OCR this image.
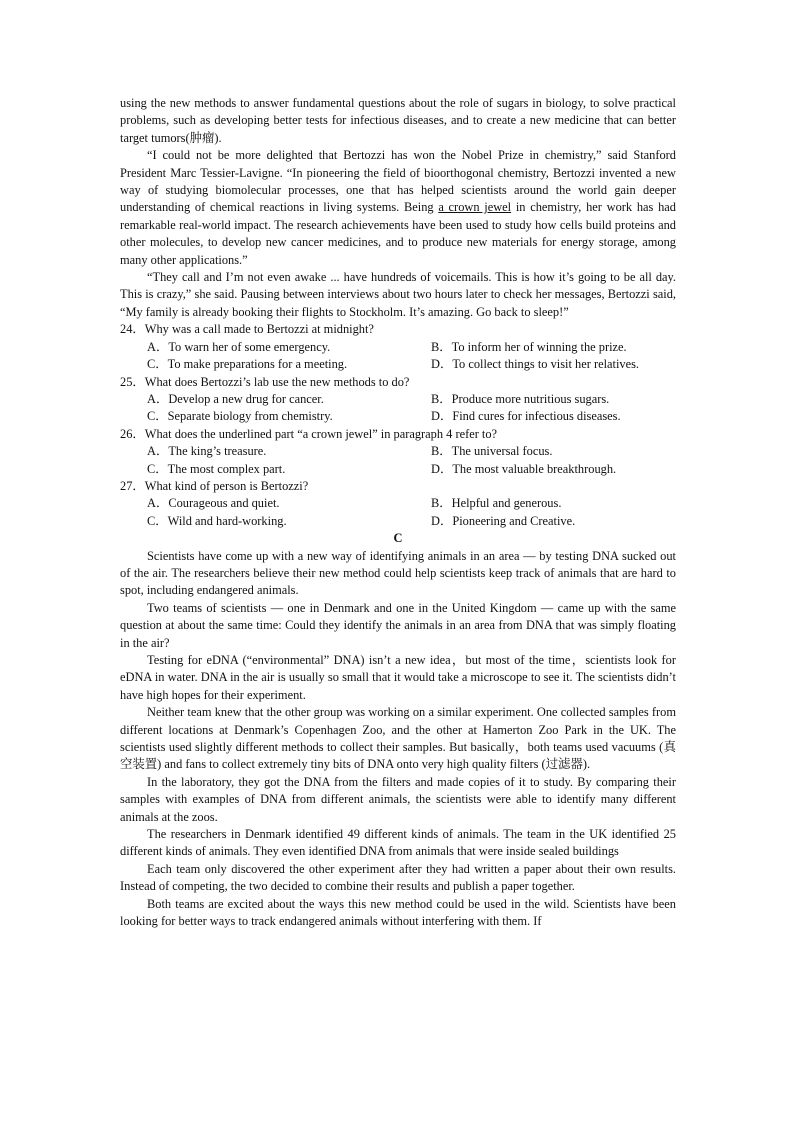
using the new methods to answer fundamental questions about the role of sugars in biology, to solve practical problems, such as developing better tests for infectious diseases, and to create a new medicine that can better target tumors(肿瘤).

“I could not be more delighted that Bertozzi has won the Nobel Prize in chemistry,” said Stanford President Marc Tessier-Lavigne. “In pioneering the field of bioorthogonal chemistry, Bertozzi invented a new way of studying biomolecular processes, one that has helped scientists around the world gain deeper understanding of chemical reactions in living systems. Being a crown jewel in chemistry, her work has had remarkable real-world impact. The research achievements have been used to study how cells build proteins and other molecules, to develop new cancer medicines, and to produce new materials for energy storage, among many other applications.”

“They call and I’m not even awake ... have hundreds of voicemails. This is how it’s going to be all day. This is crazy,” she said. Pausing between interviews about two hours later to check her messages, Bertozzi said, “My family is already booking their flights to Stockholm. It’s amazing. Go back to sleep!”

24．Why was a call made to Bertozzi at midnight?

A．To warn her of some emergency.	B．To inform her of winning the prize.
C．To make preparations for a meeting.	D．To collect things to visit her relatives.

25．What does Bertozzi’s lab use the new methods to do?

A．Develop a new drug for cancer.	B．Produce more nutritious sugars.
C．Separate biology from chemistry.	D．Find cures for infectious diseases.

26．What does the underlined part “a crown jewel” in paragraph 4 refer to?

A．The king’s treasure.	B．The universal focus.
C．The most complex part.	D．The most valuable breakthrough.

27．What kind of person is Bertozzi?

A．Courageous and quiet.	B．Helpful and generous.
C．Wild and hard-working.	D．Pioneering and Creative.

C

Scientists have come up with a new way of identifying animals in an area — by testing DNA sucked out of the air. The researchers believe their new method could help scientists keep track of animals that are hard to spot, including endangered animals.

Two teams of scientists — one in Denmark and one in the United Kingdom — came up with the same question at about the same time: Could they identify the animals in an area from DNA that was simply floating in the air?

Testing for eDNA (“environmental” DNA) isn’t a new idea，but most of the time，scientists look for eDNA in water. DNA in the air is usually so small that it would take a microscope to see it. The scientists didn’t have high hopes for their experiment.

Neither team knew that the other group was working on a similar experiment. One collected samples from different locations at Denmark’s Copenhagen Zoo, and the other at Hamerton Zoo Park in the UK. The scientists used slightly different methods to collect their samples. But basically，both teams used vacuums (真空装置) and fans to collect extremely tiny bits of DNA onto very high quality filters (过滤器).

In the laboratory, they got the DNA from the filters and made copies of it to study. By comparing their samples with examples of DNA from different animals, the scientists were able to identify many different animals at the zoos.

The researchers in Denmark identified 49 different kinds of animals. The team in the UK identified 25 different kinds of animals. They even identified DNA from animals that were inside sealed buildings

Each team only discovered the other experiment after they had written a paper about their own results. Instead of competing, the two decided to combine their results and publish a paper together.

Both teams are excited about the ways this new method could be used in the wild. Scientists have been looking for better ways to track endangered animals without interfering with them. If
